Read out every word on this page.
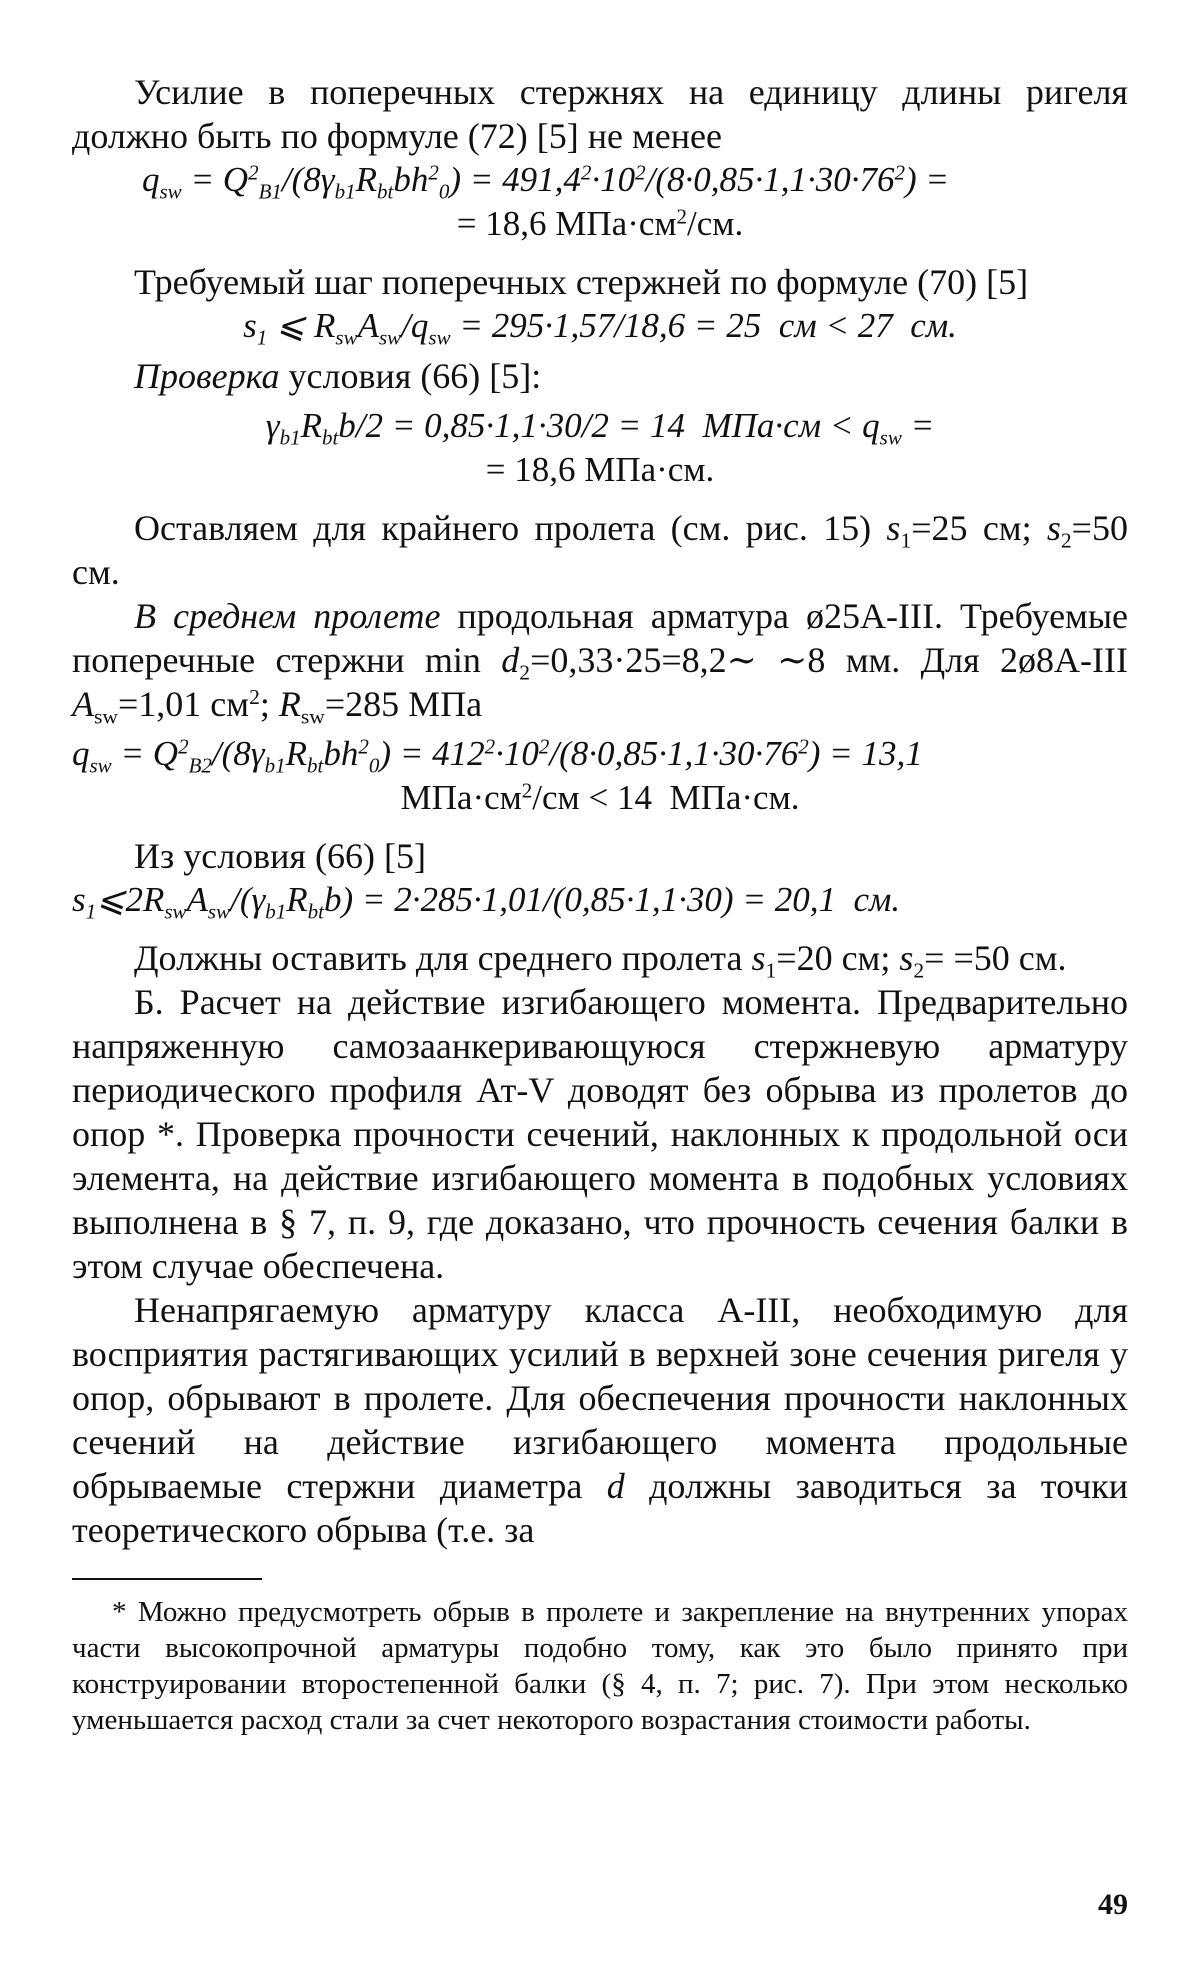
Усилие в поперечных стержнях на единицу длины ригеля должно быть по формуле (72) [5] не менее

$q_{sw} = Q^2_{B1}/(8\gamma_{b1}R_{bt}bh^2_0) = 491,4^2\cdot 10^2/(8\cdot 0,85\cdot 1,1\cdot 30\cdot 76^2)$ =

= 18,6 $МПа\cdot см^2/см$.

Требуемый шаг поперечных стержней по формуле (70) [5]

$s_1$ ⩽ $R_{sw}A_{sw}/q_{sw} = 295\cdot 1,57/18,6 = 25$  см < 27  см.

Проверка условия (66) [5]:

$\gamma_{b1}R_{bt}b/2 = 0,85\cdot 1,1\cdot 30/2 = 14$  $МПа\cdot см < q_{sw}$ =

= 18,6 МПа·см.

Оставляем для крайнего пролета (см. рис. 15) $s_1=25$ см; $s_2=50$ см.

В среднем пролете продольная арматура ø25А-III. Требуемые поперечные стержни $\min d_2=0,33\cdot 25=8,2\sim$ ∼8 мм. Для 2ø8А-III $A_{sw}=1,01$ $см^2$; $R_{sw}=285$ МПа

$q_{sw} = Q^2_{B2}/(8\gamma_{b1}R_{bt}bh^2_0) = 412^2\cdot 10^2/(8\cdot 0,85\cdot 1,1\cdot 30\cdot 76^2) = 13,1$

$МПа\cdot см^2/см < 14$  МПа·см.

Из условия (66) [5]

$s_1⩽2R_{sw}A_{sw}/(\gamma_{b1}R_{bt}b) = 2\cdot 285\cdot 1,01/(0,85\cdot 1,1\cdot 30) = 20,1$  см.

Должны оставить для среднего пролета $s_1=20$ см; $s_2= =50$ см.

Б. Расчет на действие изгибающего момента. Предварительно напряженную самозаанкеривающуюся стержневую арматуру периодического профиля Ат-V доводят без обрыва из пролетов до опор *. Проверка прочности сечений, наклонных к продольной оси элемента, на действие изгибающего момента в подобных условиях выполнена в § 7, п. 9, где доказано, что прочность сечения балки в этом случае обеспечена.

Ненапрягаемую арматуру класса А-III, необходимую для восприятия растягивающих усилий в верхней зоне сечения ригеля у опор, обрывают в пролете. Для обеспечения прочности наклонных сечений на действие изгибающего момента продольные обрываемые стержни диаметра d должны заводиться за точки теоретического обрыва (т.е. за

* Можно предусмотреть обрыв в пролете и закрепление на внутренних упорах части высокопрочной арматуры подобно тому, как это было принято при конструировании второстепенной балки (§ 4, п. 7; рис. 7). При этом несколько уменьшается расход стали за счет некоторого возрастания стоимости работы.

49
